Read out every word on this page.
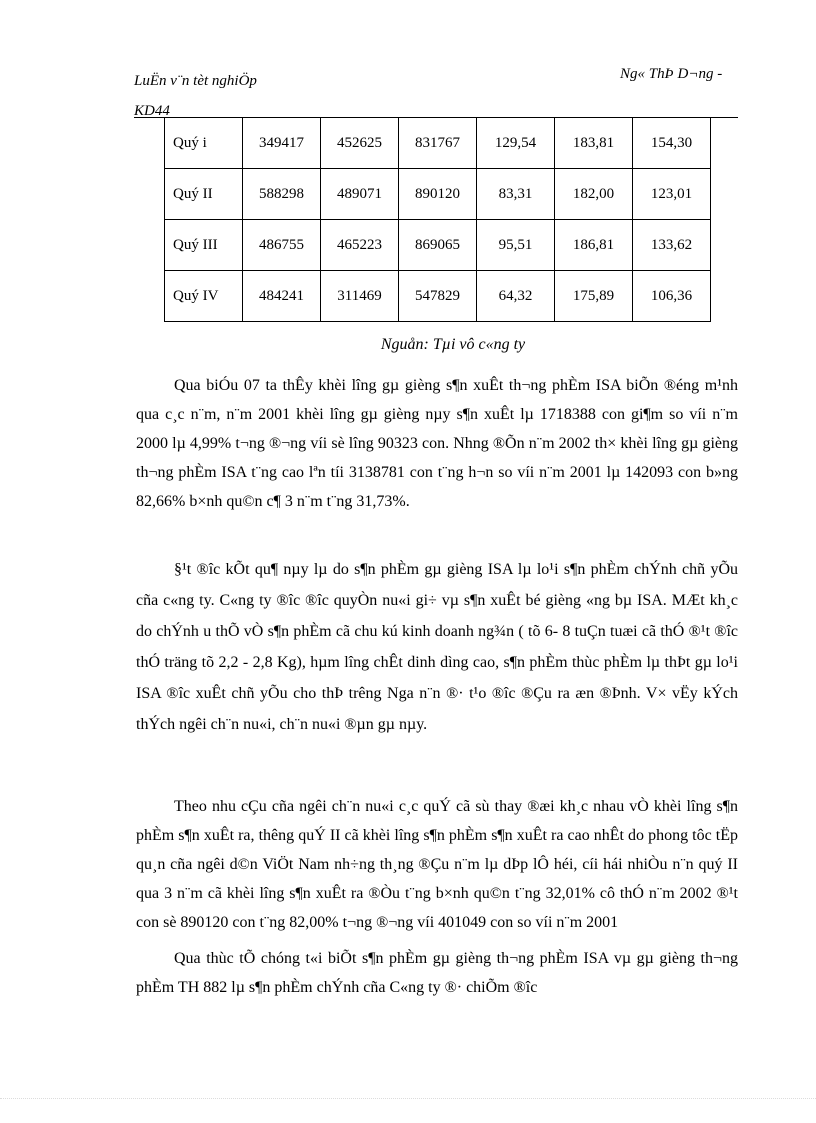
LuËn v¨n tèt nghiÖp
KD44
Ng« ThÞ D¬ng -
Quý i	349417	452625	831767	129,54	183,81	154,30
Quý II	588298	489071	890120	83,31	182,00	123,01
Quý III	486755	465223	869065	95,51	186,81	133,62
Quý IV	484241	311469	547829	64,32	175,89	106,36
Nguån: Tµi vô c«ng ty

Qua biÓu 07 ta thÊy khèi lîng gµ gièng s¶n xuÊt th¬ng phÈm ISA biÕn ®éng m¹nh qua c¸c n¨m, n¨m 2001 khèi lîng gµ gièng nµy s¶n xuÊt lµ 1718388 con gi¶m so víi n¨m 2000 lµ 4,99% t¬ng ®¬ng víi sè lîng 90323 con. Nhng ®Õn n¨m 2002 th× khèi lîng gµ gièng th¬ng phÈm ISA t¨ng cao lªn tíi 3138781 con t¨ng h¬n so víi n¨m 2001 lµ 142093 con b»ng 82,66% b×nh qu©n c¶ 3 n¨m t¨ng 31,73%.

§¹t ®îc kÕt qu¶ nµy lµ do s¶n phÈm gµ gièng ISA lµ lo¹i s¶n phÈm chÝnh chñ yÕu cña c«ng ty. C«ng ty ®îc ®îc quyÒn nu«i gi÷ vµ s¶n xuÊt bé gièng «ng bµ ISA. MÆt kh¸c do chÝnh u thÕ vÒ s¶n phÈm cã chu kú kinh doanh ng¾n ( tõ 6- 8 tuÇn tuæi cã thÓ ®¹t ®îc thÓ träng tõ 2,2 - 2,8 Kg), hµm lîng chÊt dinh dìng cao, s¶n phÈm thùc phÈm lµ thÞt gµ lo¹i ISA ®îc xuÊt chñ yÕu cho thÞ trêng Nga n¨n ®· t¹o ®îc ®Çu ra æn ®Þnh. V× vËy kÝch thÝch ngêi ch¨n nu«i, ch¨n nu«i ®µn gµ nµy.

Theo nhu cÇu cña ngêi ch¨n nu«i c¸c quÝ cã sù thay ®æi kh¸c nhau vÒ khèi lîng s¶n phÈm s¶n xuÊt ra, thêng quÝ II cã khèi lîng s¶n phÈm s¶n xuÊt ra cao nhÊt do phong tôc tËp qu¸n cña ngêi d©n ViÖt Nam nh÷ng th¸ng ®Çu n¨m lµ dÞp lÔ héi, cíi hái nhiÒu n¨n quý II qua 3 n¨m cã khèi lîng s¶n xuÊt ra ®Òu t¨ng b×nh qu©n t¨ng 32,01% cô thÓ n¨m 2002 ®¹t con sè 890120 con t¨ng 82,00% t¬ng ®¬ng víi 401049 con so víi n¨m 2001

Qua thùc tÕ chóng t«i biÕt s¶n phÈm gµ gièng th¬ng phÈm ISA vµ gµ gièng th¬ng phÈm TH 882 lµ s¶n phÈm chÝnh cña C«ng ty ®· chiÕm ®îc
